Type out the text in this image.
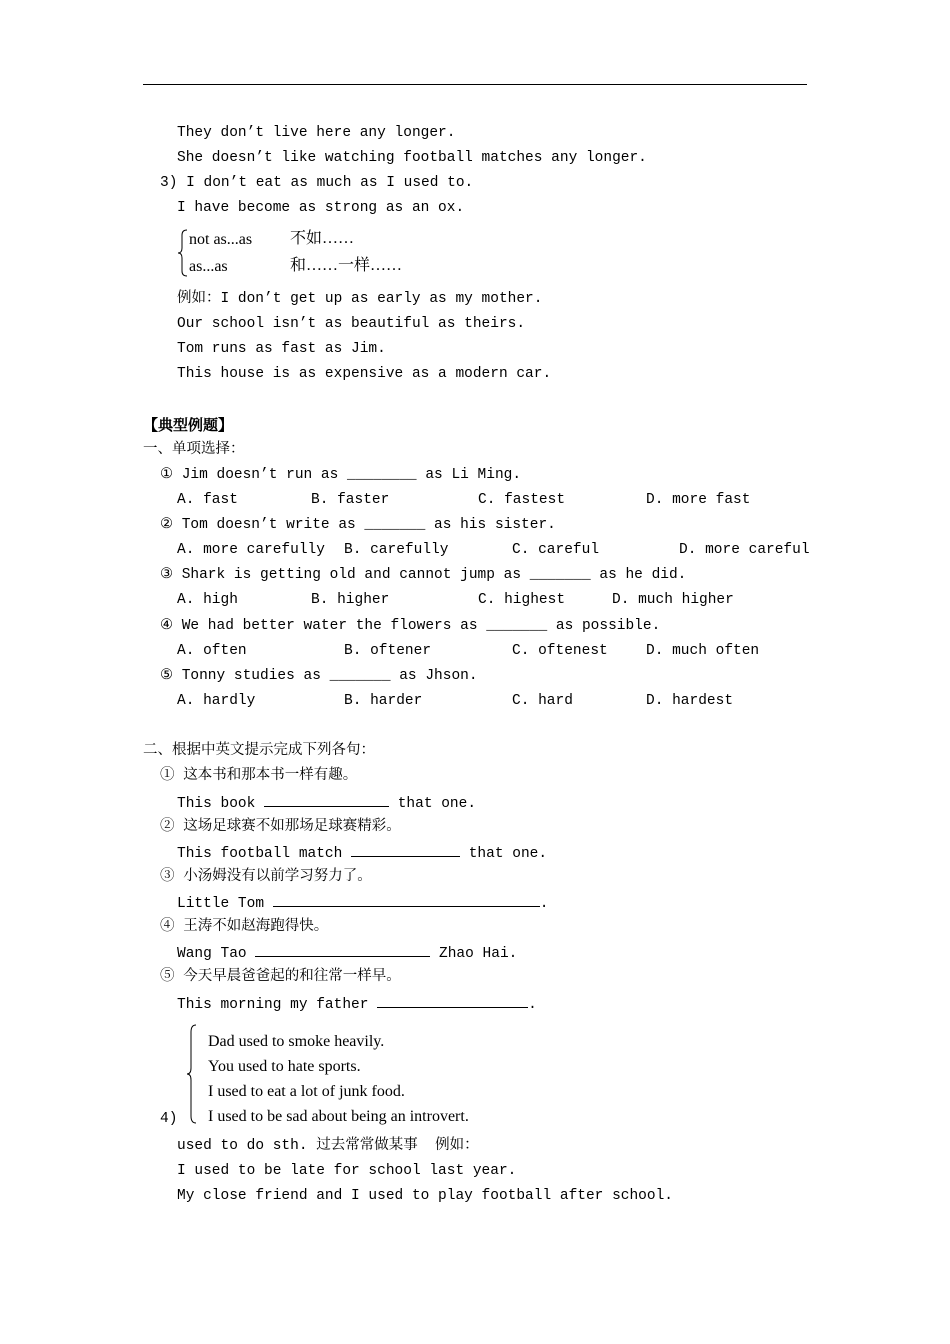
They don’t live here any longer.
She doesn’t like watching football matches any longer.
3) I don’t eat as much as I used to.
I have become as strong as an ox.
not as...as 不如……
as...as	和……一样……
例如：I don’t get up as early as my mother.
Our school isn’t as beautiful as theirs.
Tom runs as fast as Jim.
This house is as expensive as a modern car.
【典型例题】
一、单项选择：
① Jim doesn’t run as ________ as Li Ming.
A. fast	B. faster	C. fastest	D. more fast
② Tom doesn’t write as _______ as his sister.
A. more carefully B. carefully	C. careful	D. more careful
③ Shark is getting old and cannot jump as _______ as he did.
A. high	B. higher	C. highest	D. much higher
④ We had better water the flowers as _______ as possible.
A. often	B. oftener	C. oftenest	D. much often
⑤ Tonny studies as _______ as Jhson.
A. hardly	B. harder	C. hard	D. hardest
二、根据中英文提示完成下列各句：
① 这本书和那本书一样有趣。
This book	that one.
② 这场足球赛不如那场足球赛精彩。
This football match	that one.
③ 小汤姆没有以前学习努力了。
Little Tom	.
④ 王涛不如赵海跑得快。
Wang Tao	Zhao Hai.
⑤ 今天早晨爸爸起的和往常一样早。
This morning my father	.
Dad used to smoke heavily.
You used to hate sports.
I used to eat a lot of junk food.
I used to be sad about being an introvert.
4)
used to do sth. 过去常常做某事  例如：
I used to be late for school last year.
My close friend and I used to play football after school.
